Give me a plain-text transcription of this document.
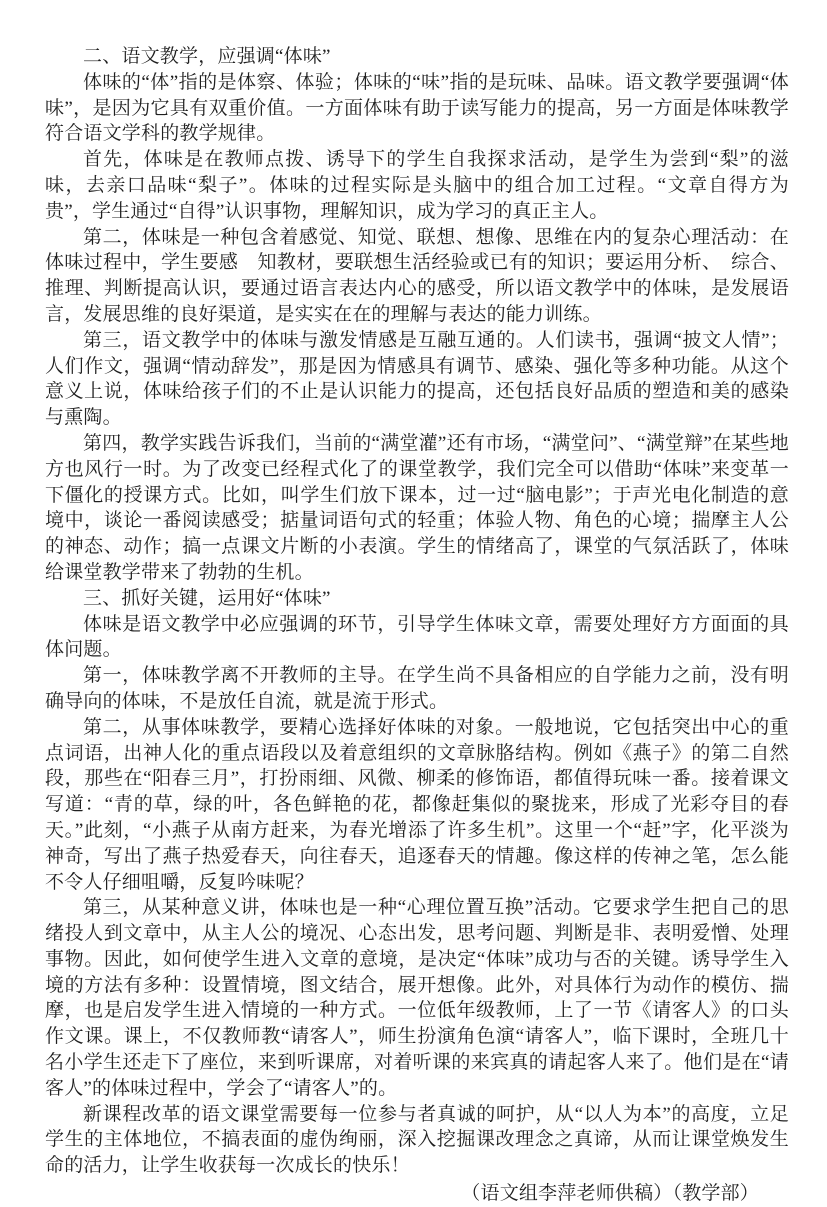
二、语文教学，应强调“体味”

体味的“体”指的是体察、体验；体味的“味”指的是玩味、品味。语文教学要强调“体味”，是因为它具有双重价值。一方面体味有助于读写能力的提高，另一方面是体味教学符合语文学科的教学规律。

首先，体味是在教师点拨、诱导下的学生自我探求活动，是学生为尝到“梨”的滋味，去亲口品味“梨子”。体味的过程实际是头脑中的组合加工过程。“文章自得方为贵”，学生通过“自得”认识事物，理解知识，成为学习的真正主人。

第二，体味是一种包含着感觉、知觉、联想、想像、思维在内的复杂心理活动：在体味过程中，学生要感　知教材，要联想生活经验或已有的知识；要运用分析、　综合、推理、判断提高认识，要通过语言表达内心的感受，所以语文教学中的体味，是发展语言，发展思维的良好渠道，是实实在在的理解与表达的能力训练。

第三，语文教学中的体味与激发情感是互融互通的。人们读书，强调“披文人情”；人们作文，强调“情动辞发”，那是因为情感具有调节、感染、强化等多种功能。从这个意义上说，体味给孩子们的不止是认识能力的提高，还包括良好品质的塑造和美的感染与熏陶。

第四，教学实践告诉我们，当前的“满堂灌”还有市场，“满堂问”、“满堂辩”在某些地方也风行一时。为了改变已经程式化了的课堂教学，我们完全可以借助“体味”来变革一下僵化的授课方式。比如，叫学生们放下课本，过一过“脑电影”；于声光电化制造的意境中，谈论一番阅读感受；掂量词语句式的轻重；体验人物、角色的心境；揣摩主人公的神态、动作；搞一点课文片断的小表演。学生的情绪高了，课堂的气氛活跃了，体味给课堂教学带来了勃勃的生机。

三、抓好关键，运用好“体味”

体味是语文教学中必应强调的环节，引导学生体味文章，需要处理好方方面面的具体问题。

第一，体味教学离不开教师的主导。在学生尚不具备相应的自学能力之前，没有明确导向的体味，不是放任自流，就是流于形式。

第二，从事体味教学，要精心选择好体味的对象。一般地说，它包括突出中心的重点词语，出神人化的重点语段以及着意组织的文章脉胳结构。例如《燕子》的第二自然段，那些在“阳春三月”，打扮雨细、风微、柳柔的修饰语，都值得玩味一番。接着课文写道：“青的草，绿的叶，各色鲜艳的花，都像赶集似的聚拢来，形成了光彩夺目的春天。”此刻，“小燕子从南方赶来，为春光增添了许多生机”。这里一个“赶”字，化平淡为神奇，写出了燕子热爱春天，向往春天，追逐春天的情趣。像这样的传神之笔，怎么能不令人仔细咀嚼，反复吟味呢？

第三，从某种意义讲，体味也是一种“心理位置互换”活动。它要求学生把自己的思绪投人到文章中，从主人公的境况、心态出发，思考问题、判断是非、表明爱憎、处理事物。因此，如何使学生进入文章的意境，是决定“体味”成功与否的关键。诱导学生入境的方法有多种：设置情境，图文结合，展开想像。此外，对具体行为动作的模仿、揣摩，也是启发学生进入情境的一种方式。一位低年级教师，上了一节《请客人》的口头作文课。课上，不仅教师教“请客人”，师生扮演角色演“请客人”，临下课时，全班几十名小学生还走下了座位，来到听课席，对着听课的来宾真的请起客人来了。他们是在“请客人”的体味过程中，学会了“请客人”的。

新课程改革的语文课堂需要每一位参与者真诚的呵护，从“以人为本”的高度，立足学生的主体地位，不搞表面的虚伪绚丽，深入挖掘课改理念之真谛，从而让课堂焕发生命的活力，让学生收获每一次成长的快乐！

（语文组李萍老师供稿）（教学部）
